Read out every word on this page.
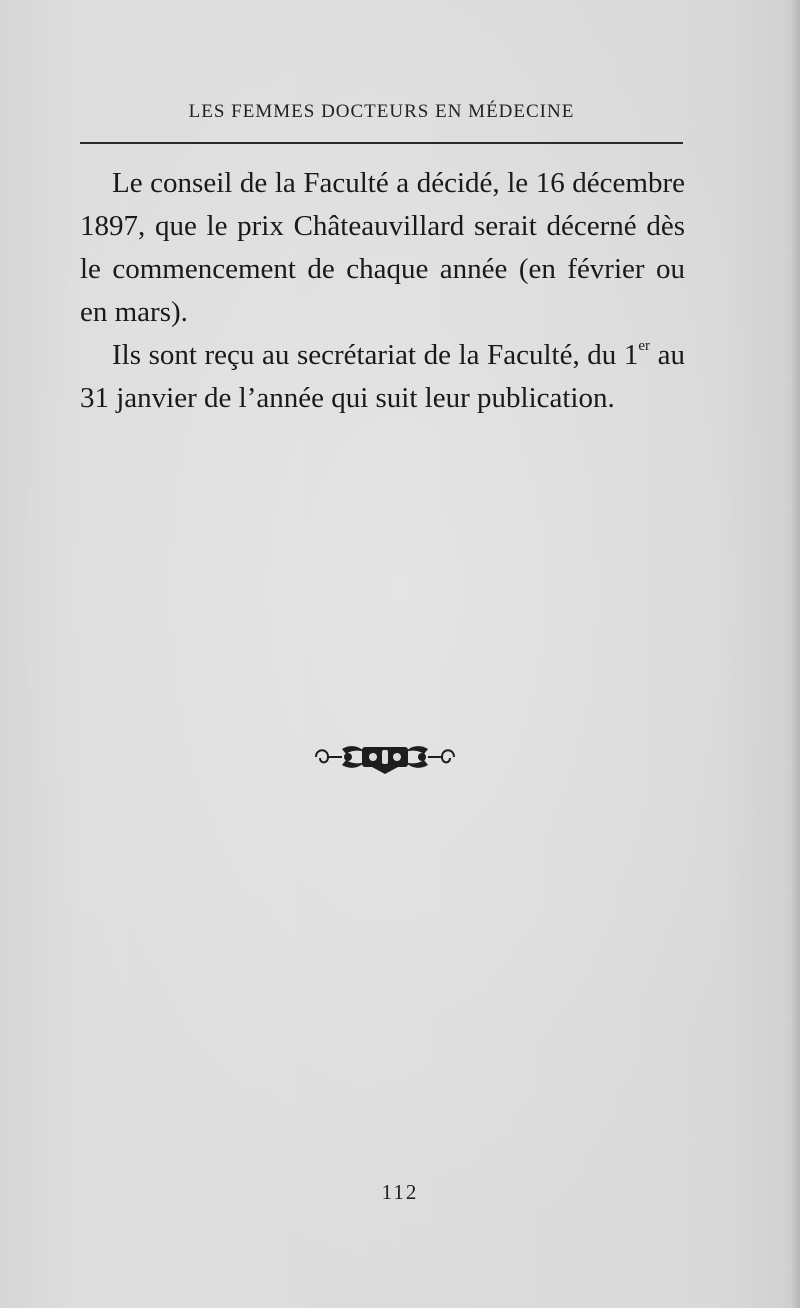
LES FEMMES DOCTEURS EN MÉDECINE

Le conseil de la Faculté a décidé, le 16 décembre 1897, que le prix Châteauvillard serait décerné dès le commencement de chaque année (en février ou en mars).

Ils sont reçu au secrétariat de la Faculté, du 1er au 31 janvier de l’année qui suit leur publication.

112
